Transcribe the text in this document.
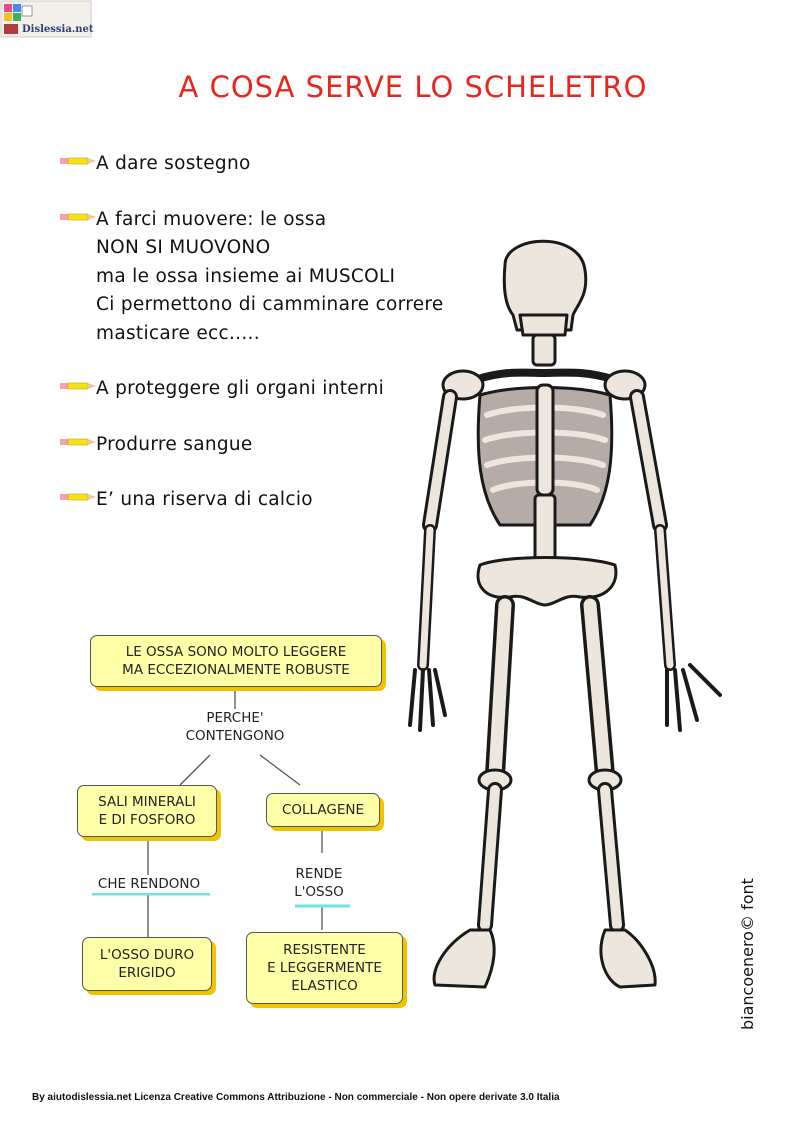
Dislessia.net
A COSA SERVE LO SCHELETRO
A dare sostegno
A farci muovere: le ossa
NON SI MUOVONO
ma le ossa insieme ai MUSCOLI
Ci permettono di camminare correre
masticare ecc.....
A proteggere gli organi interni
Produrre sangue
E’ una riserva di calcio
biancoenero© font
LE OSSA SONO MOLTO LEGGERE
MA ECCEZIONALMENTE ROBUSTE
PERCHE'
CONTENGONO
SALI MINERALI
E DI FOSFORO
COLLAGENE
CHE RENDONO
RENDE
L'OSSO
L'OSSO DURO
ERIGIDO
RESISTENTE
E LEGGERMENTE
ELASTICO
By aiutodislessia.net Licenza Creative Commons Attribuzione - Non commerciale - Non opere derivate 3.0 Italia
